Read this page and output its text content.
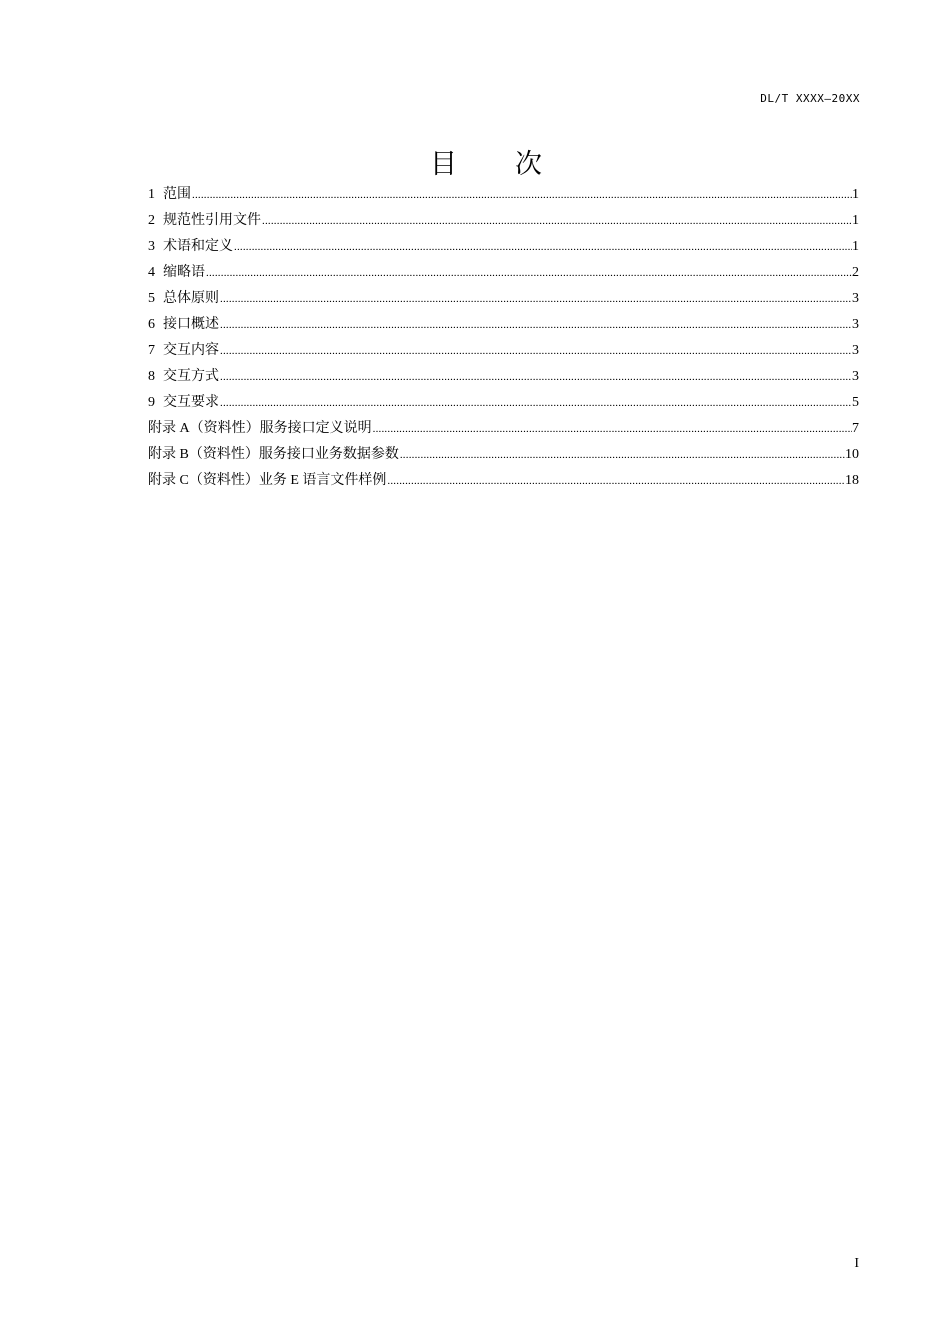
DL/T XXXX—20XX
目次
1 范围 .....	1
2 规范性引用文件 .....	1
3 术语和定义 .....	1
4 缩略语 .....	2
5 总体原则 .....	3
6 接口概述 .....	3
7 交互内容 .....	3
8 交互方式 .....	3
9 交互要求 .....	5
附录 A（资料性）服务接口定义说明 .....	7
附录 B（资料性）服务接口业务数据参数 .....	10
附录 C（资料性）业务 E 语言文件样例 .....	18
I
